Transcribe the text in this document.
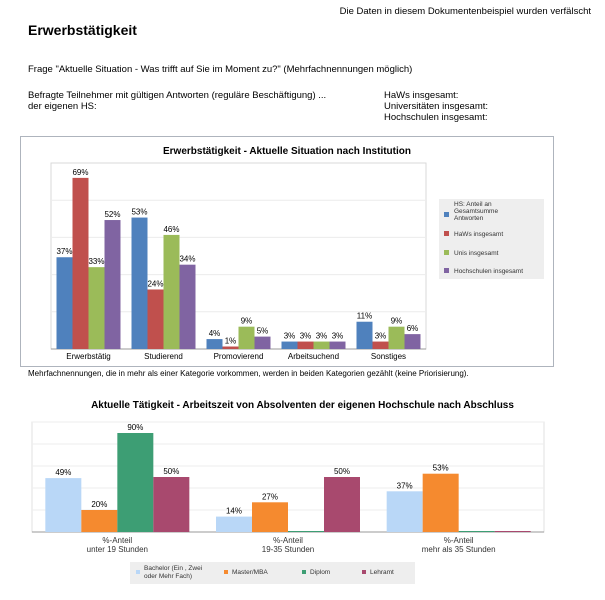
Die Daten in diesem Dokumentenbeispiel wurden verfälscht
Erwerbstätigkeit
Frage "Aktuelle Situation - Was trifft auf Sie im Moment zu?" (Mehrfachnennungen möglich)
Befragte Teilnehmer mit gültigen Antworten (reguläre Beschäftigung) ...
der eigenen HS:
HaWs insgesamt:
Universitäten insgesamt:
Hochschulen insgesamt:
Erwerbstätigkeit - Aktuelle Situation nach Institution
37%
69%
33%
52%
Erwerbstätig
53%
24%
46%
34%
Studierend
4%
1%
9%
5%
Promovierend
3% 3% 3% 3%
Arbeitsuchend
11%
3%
9%
6%
Sonstiges
HS: Anteil an
Gesamtsumme
Antworten
HaWs insgesamt
Unis insgesamt
Hochschulen insgesamt
Mehrfachnennungen, die in mehr als einer Kategorie vorkommen, werden in beiden Kategorien gezählt (keine Priorisierung).
Aktuelle Tätigkeit - Arbeitszeit von Absolventen der eigenen Hochschule nach Abschluss
49%
20%
90%
50%
%-Anteil
unter 19 Stunden
14%
27%
50%
%-Anteil
19-35 Stunden
37%
53%
%-Anteil
mehr als 35 Stunden
Bachelor (Ein , Zwei
oder Mehr Fach)
Master/MBA	Diplom	Lehramt
